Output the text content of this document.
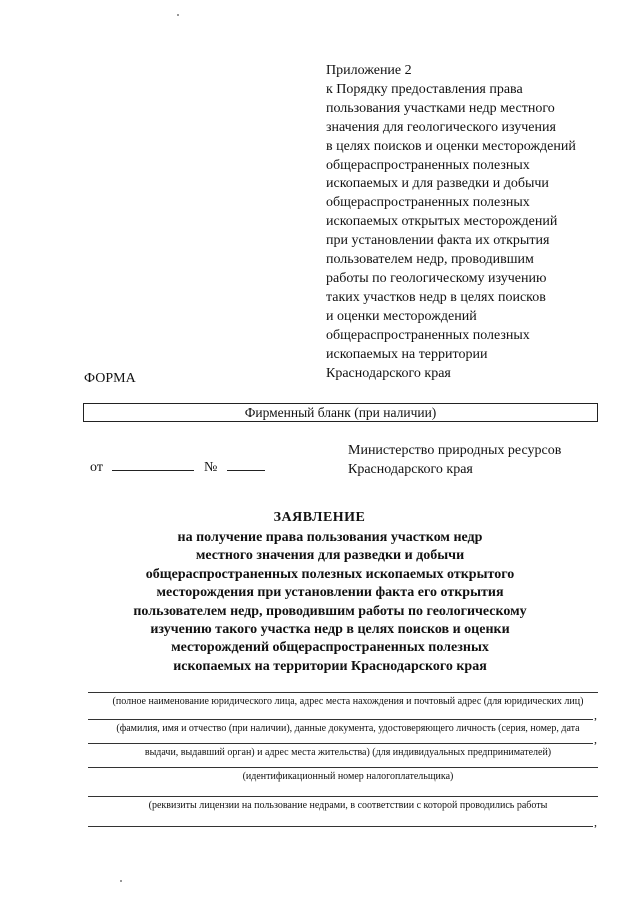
Приложение 2
к Порядку предоставления права
пользования участками недр местного
значения для геологического изучения
в целях поисков и оценки месторождений
общераспространенных полезных
ископаемых и для разведки и добычи
общераспространенных полезных
ископаемых открытых месторождений
при установлении факта их открытия
пользователем недр, проводившим
работы по геологическому изучению
таких участков недр в целях поисков
и оценки месторождений
общераспространенных полезных
ископаемых на территории
Краснодарского края
ФОРМА
Фирменный бланк (при наличии)
Министерство природных ресурсов
Краснодарского края
от	№
ЗАЯВЛЕНИЕ
на получение права пользования участком недр
местного значения для разведки и добычи
общераспространенных полезных ископаемых открытого
месторождения при установлении факта его открытия
пользователем недр, проводившим работы по геологическому
изучению такого участка недр в целях поисков и оценки
месторождений общераспространенных полезных
ископаемых на территории Краснодарского края
(полное наименование юридического лица, адрес места нахождения и почтовый адрес (для юридических лиц)
,
(фамилия, имя и отчество (при наличии), данные документа, удостоверяющего личность (серия, номер, дата
,
выдачи, выдавший орган) и адрес места жительства) (для индивидуальных предпринимателей)
(идентификационный номер налогоплательщика)
(реквизиты лицензии на пользование недрами, в соответствии с которой проводились работы
,
